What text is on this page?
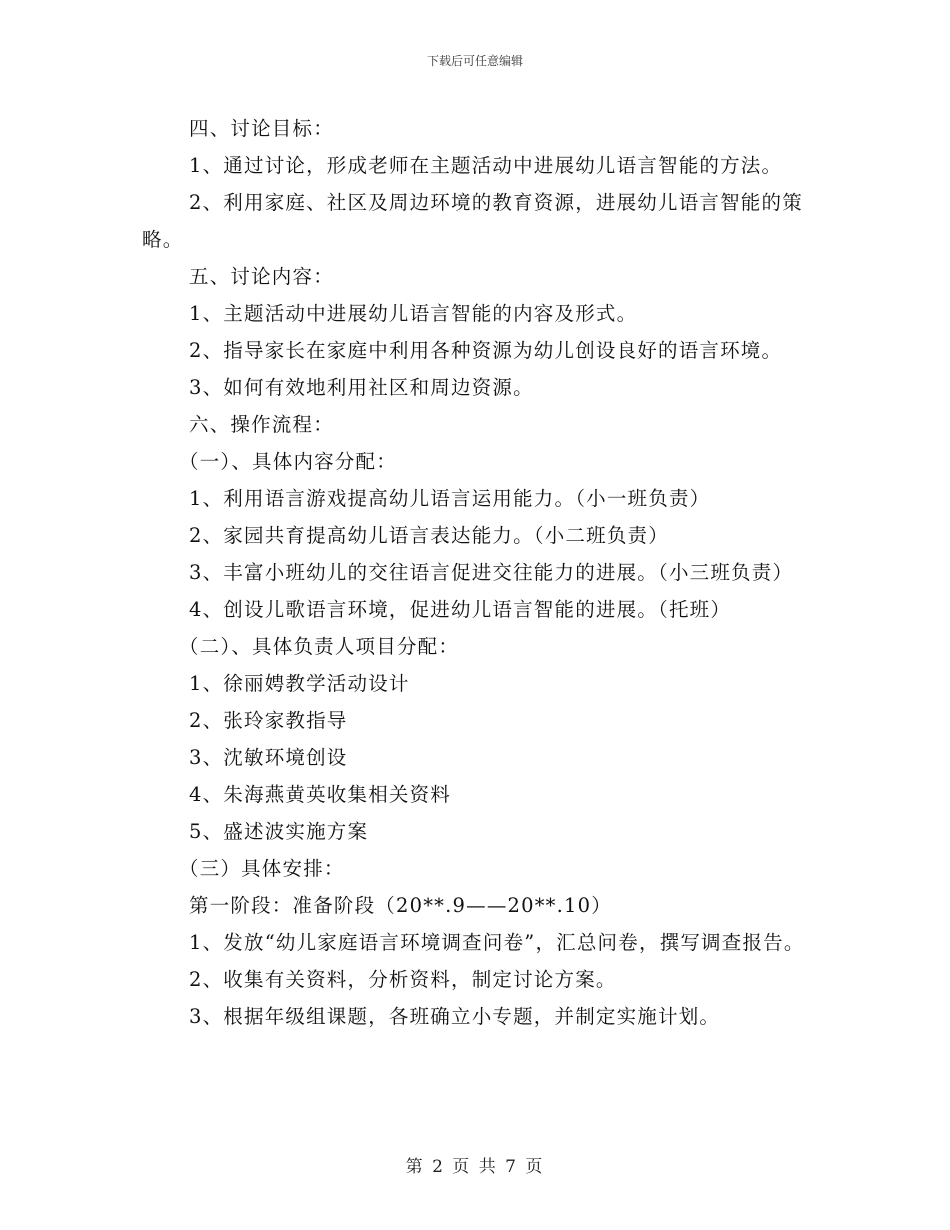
下载后可任意编辑

四、讨论目标：

1、通过讨论，形成老师在主题活动中进展幼儿语言智能的方法。

2、利用家庭、社区及周边环境的教育资源，进展幼儿语言智能的策略。

五、讨论内容：

1、主题活动中进展幼儿语言智能的内容及形式。

2、指导家长在家庭中利用各种资源为幼儿创设良好的语言环境。

3、如何有效地利用社区和周边资源。

六、操作流程：

（一）、具体内容分配：

1、利用语言游戏提高幼儿语言运用能力。（小一班负责）

2、家园共育提高幼儿语言表达能力。（小二班负责）

3、丰富小班幼儿的交往语言促进交往能力的进展。（小三班负责）

4、创设儿歌语言环境，促进幼儿语言智能的进展。（托班）

（二）、具体负责人项目分配：

1、徐丽娉教学活动设计

2、张玲家教指导

3、沈敏环境创设

4、朱海燕黄英收集相关资料

5、盛述波实施方案

（三）具体安排：

第一阶段：准备阶段（20**.9——20**.10）

1、发放“幼儿家庭语言环境调查问卷”，汇总问卷，撰写调查报告。

2、收集有关资料，分析资料，制定讨论方案。

3、根据年级组课题，各班确立小专题，并制定实施计划。

第 2 页 共 7 页
